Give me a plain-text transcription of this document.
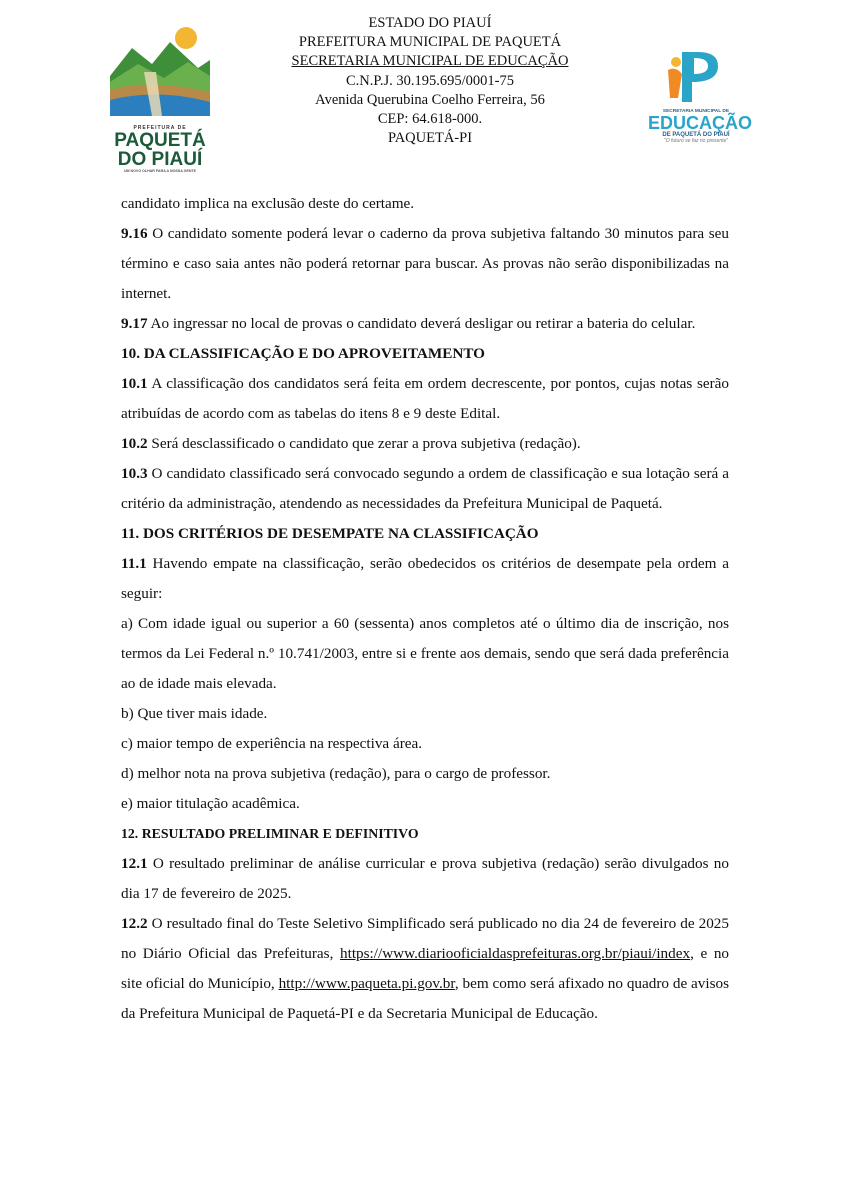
PREFEITURA DE
PAQUETÁ
DO PIAUÍ
UM NOVO OLHAR PARA A NOSSA GENTE
ESTADO DO PIAUÍ
PREFEITURA MUNICIPAL DE PAQUETÁ
SECRETARIA MUNICIPAL DE EDUCAÇÃO
C.N.P.J. 30.195.695/0001-75
Avenida Querubina Coelho Ferreira, 56
CEP: 64.618-000.
PAQUETÁ-PI
SECRETARIA MUNICIPAL DE
EDUCAÇÃO
DE PAQUETÁ DO PIAUÍ
"O futuro se faz no presente"

candidato implica na exclusão deste do certame.

9.16 O candidato somente poderá levar o caderno da prova subjetiva faltando 30 minutos para seu término e caso saia antes não poderá retornar para buscar. As provas não serão disponibilizadas na internet.

9.17 Ao ingressar no local de provas o candidato deverá desligar ou retirar a bateria do celular.

10. DA CLASSIFICAÇÃO E DO APROVEITAMENTO

10.1 A classificação dos candidatos será feita em ordem decrescente, por pontos, cujas notas serão atribuídas de acordo com as tabelas do itens 8 e 9 deste Edital.

10.2 Será desclassificado o candidato que zerar a prova subjetiva (redação).

10.3 O candidato classificado será convocado segundo a ordem de classificação e sua lotação será a critério da administração, atendendo as necessidades da Prefeitura Municipal de Paquetá.

11. DOS CRITÉRIOS DE DESEMPATE NA CLASSIFICAÇÃO

11.1 Havendo empate na classificação, serão obedecidos os critérios de desempate pela ordem a seguir:

a) Com idade igual ou superior a 60 (sessenta) anos completos até o último dia de inscrição, nos termos da Lei Federal n.º 10.741/2003, entre si e frente aos demais, sendo que será dada preferência ao de idade mais elevada.

b) Que tiver mais idade.

c) maior tempo de experiência na respectiva área.

d) melhor nota na prova subjetiva (redação), para o cargo de professor.

e) maior titulação acadêmica.

12. RESULTADO PRELIMINAR E DEFINITIVO

12.1 O resultado preliminar de análise curricular e prova subjetiva (redação) serão divulgados no dia 17 de fevereiro de 2025.

12.2 O resultado final do Teste Seletivo Simplificado será publicado no dia 24 de fevereiro de 2025 no Diário Oficial das Prefeituras, https://www.diariooficialdasprefeituras.org.br/piaui/index, e no site oficial do Município, http://www.paqueta.pi.gov.br, bem como será afixado no quadro de avisos da Prefeitura Municipal de Paquetá-PI e da Secretaria Municipal de Educação.
